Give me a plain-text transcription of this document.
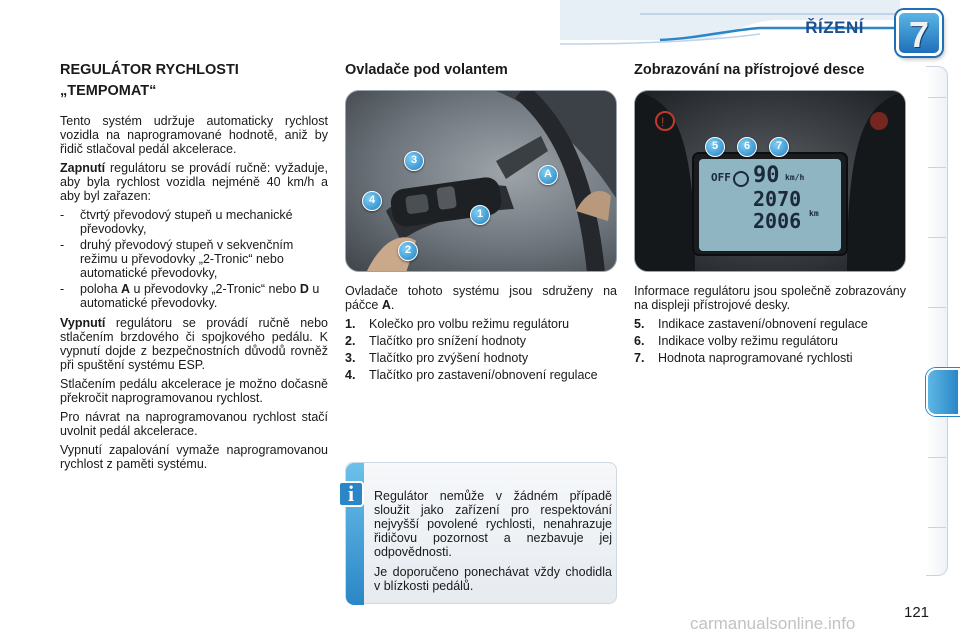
ŘÍZENÍ 7
REGULÁTOR RYCHLOSTI „TEMPOMAT“

Tento systém udržuje automaticky rychlost vozidla na naprogramované hodnotě, aniž by řidič stlačoval pedál akcelerace.

Zapnutí regulátoru se provádí ručně: vyžaduje, aby byla rychlost vozidla nejméně 40 km/h a aby byl zařazen:

- čtvrtý převodový stupeň u mechanické převodovky,
- druhý převodový stupeň v sekvenčním režimu u převodovky „2-Tronic“ nebo automatické převodovky,
- poloha A u převodovky „2-Tronic“ nebo D u automatické převodovky.

Vypnutí regulátoru se provádí ručně nebo stlačením brzdového či spojkového pedálu. K vypnutí dojde z bezpečnostních důvodů rovněž při spuštění systému ESP.

Stlačením pedálu akcelerace je možno dočasně překročit naprogramovanou rychlost.

Pro návrat na naprogramovanou rychlost stačí uvolnit pedál akcelerace.

Vypnutí zapalování vymaže naprogramovanou rychlost z paměti systému.

Ovladače pod volantem
3
4
1
2
A

Ovladače tohoto systému jsou sdruženy na páčce A.

1. Kolečko pro volbu režimu regulátoru
2. Tlačítko pro snížení hodnoty
3. Tlačítko pro zvýšení hodnoty
4. Tlačítko pro zastavení/obnovení regulace
Zobrazování na přístrojové desce
!
OFF 90 km/h
2070
2006 km
5	6	7

Informace regulátoru jsou společně zobrazovány na displeji přístrojové desky.

5. Indikace zastavení/obnovení regulace
6. Indikace volby režimu regulátoru
7. Hodnota naprogramované rychlosti
i	Regulátor nemůže v žádném případě sloužit jako zařízení pro respektování nejvyšší povolené rychlosti, nenahrazuje řidičovu pozornost a nezbavuje jej odpovědnosti.

Je doporučeno ponechávat vždy chodidla v blízkosti pedálů.

carmanualsonline.info
121
